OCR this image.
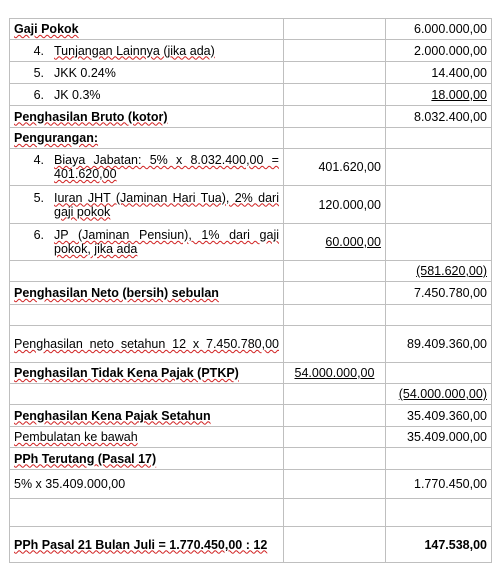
Gaji Pokok		6.000.000,00

4. Tunjangan Lainnya (jika ada)		2.000.000,00

5. JKK 0.24%		14.400,00

6. JK 0.3%		18.000,00
Penghasilan Bruto (kotor)		8.032.400,00
Pengurangan:		

4. Biaya Jabatan: 5% x 8.032.400,00 = 401.620,00	401.620,00	

5. Iuran JHT (Jaminan Hari Tua), 2% dari gaji pokok	120.000,00	

6. JP (Jaminan Pensiun), 1% dari gaji pokok, jika ada	60.000,00	
		(581.620,00)
Penghasilan Neto (bersih) sebulan		7.450.780,00

Penghasilan neto setahun 12 x 7.450.780,00		89.409.360,00
Penghasilan Tidak Kena Pajak (PTKP)	54.000.000,00	
		(54.000.000,00)
Penghasilan Kena Pajak Setahun		35.409.360,00
Pembulatan ke bawah		35.409.000,00
PPh Terutang (Pasal 17)		
5% x 35.409.000,00		1.770.450,00

PPh Pasal 21 Bulan Juli = 1.770.450,00 : 12		147.538,00
